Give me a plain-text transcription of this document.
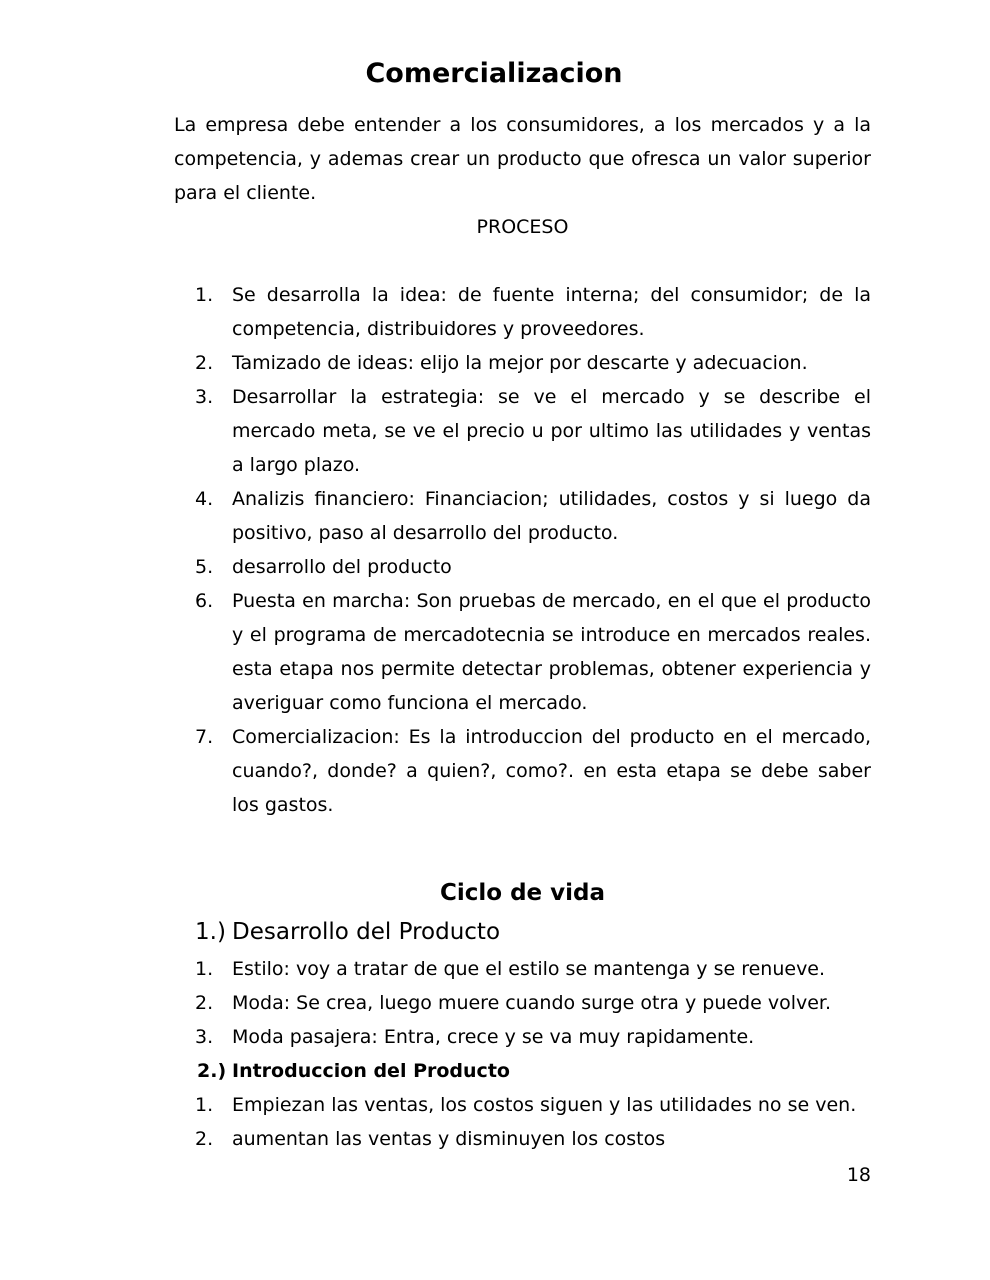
Comercializacion

La empresa debe entender a los consumidores, a los mercados y a la competencia, y ademas crear un producto que ofresca un valor superior para el cliente.

PROCESO
1. Se desarrolla la idea: de fuente interna; del consumidor; de la competencia, distribuidores y proveedores.
2. Tamizado de ideas: elijo la mejor por descarte y adecuacion.
3. Desarrollar la estrategia: se ve el mercado y se describe el mercado meta, se ve el precio u por ultimo las utilidades y ventas a largo plazo.
4. Analizis financiero: Financiacion; utilidades, costos y si luego da positivo, paso al desarrollo del producto.
5. desarrollo del producto
6. Puesta en marcha: Son pruebas de mercado, en el que el producto y el programa de mercadotecnia se introduce en mercados reales. esta etapa nos permite detectar problemas, obtener experiencia y averiguar como funciona el mercado.
7. Comercializacion: Es la introduccion del producto en el mercado, cuando?, donde? a quien?, como?. en esta etapa se debe saber los gastos.
Ciclo de vida
1.) Desarrollo del Producto
1. Estilo: voy a tratar de que el estilo se mantenga y se renueve.
2. Moda: Se crea, luego muere cuando surge otra y puede volver.
3. Moda pasajera: Entra, crece y se va muy rapidamente.
2.) Introduccion del Producto
1. Empiezan las ventas, los costos siguen y las utilidades no se ven.
2. aumentan las ventas y disminuyen los costos
18
